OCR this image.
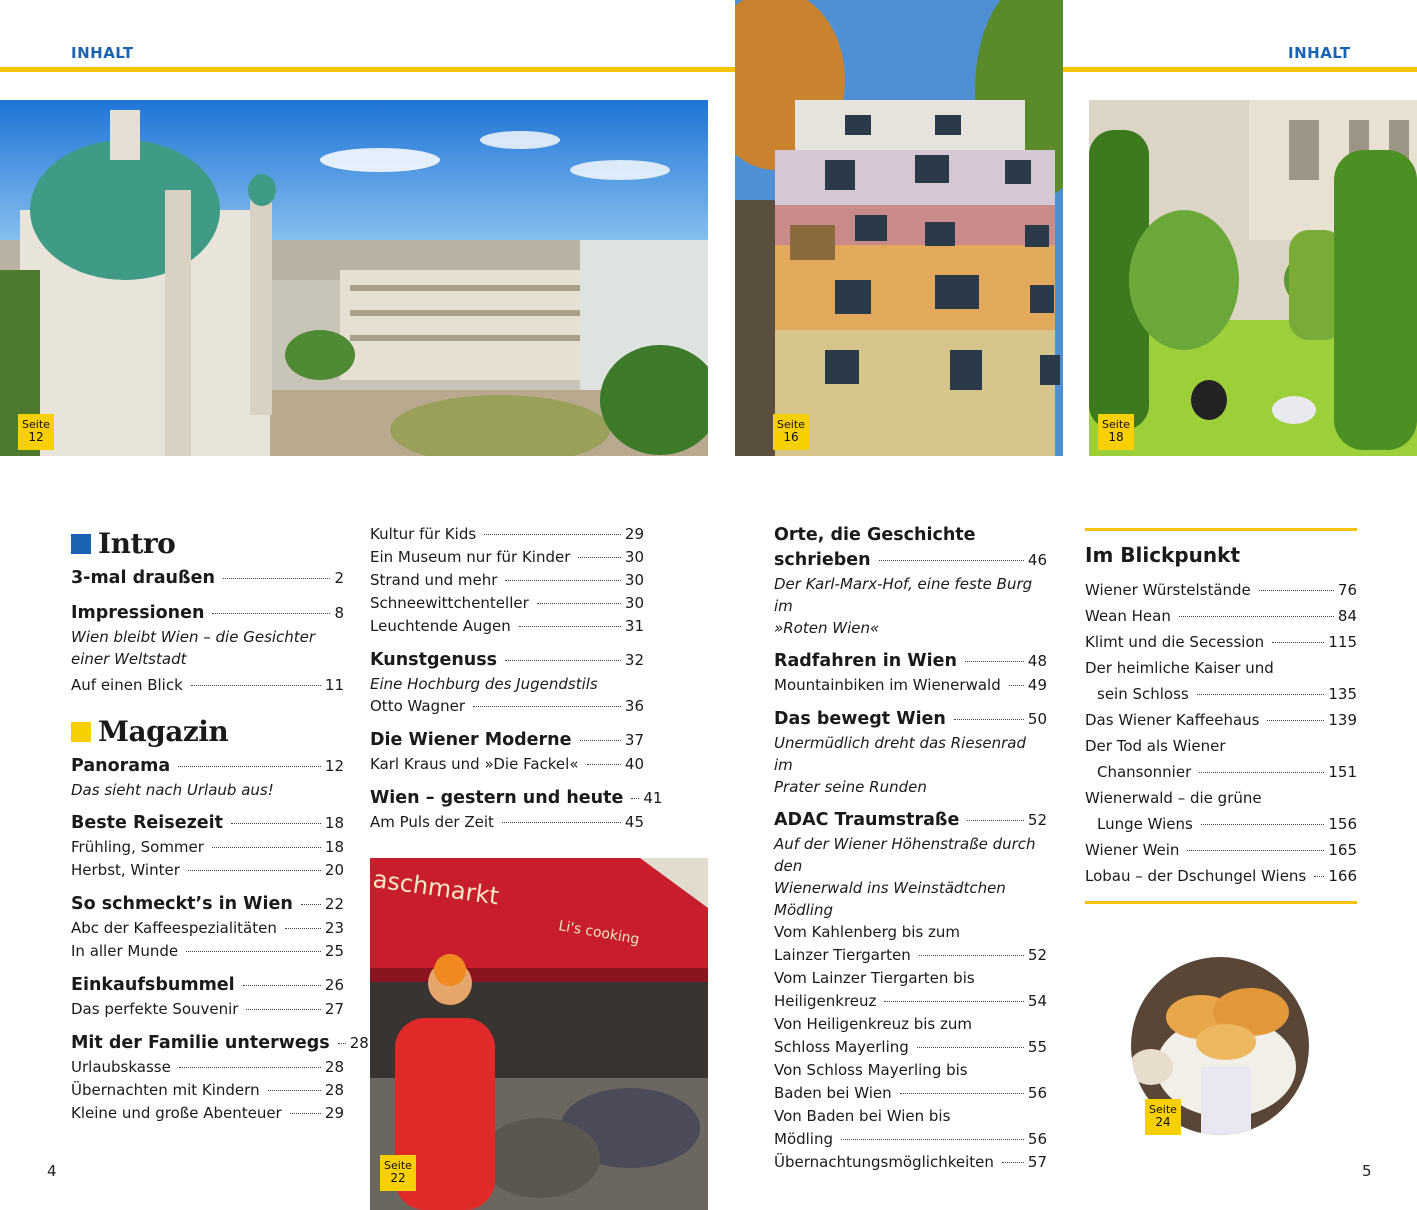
INHALT	INHALT
Seite
12
Seite
16
Seite
18
aschmarkt
Li's cooking
Seite
22
Seite
24
Intro
3-mal draußen	2
Impressionen	8
Wien bleibt Wien – die Gesichter
einer Weltstadt
Auf einen Blick	11
Magazin
Panorama	12
Das sieht nach Urlaub aus!
Beste Reisezeit	18
Frühling, Sommer	18
Herbst, Winter	20
So schmeckt’s in Wien 22
Abc der Kaffeespezialitäten	23
In aller Munde	25
Einkaufsbummel	26
Das perfekte Souvenir	27
Mit der Familie unterwegs 28
Urlaubskasse	28
Übernachten mit Kindern	28
Kleine und große Abenteuer	29
Kultur für Kids	29
Ein Museum nur für Kinder	30
Strand und mehr	30
Schneewittchenteller	30
Leuchtende Augen	31
Kunstgenuss	32
Eine Hochburg des Jugendstils
Otto Wagner	36
Die Wiener Moderne	37
Karl Kraus und »Die Fackel«	40
Wien – gestern und heute 41
Am Puls der Zeit	45
Orte, die Geschichte
schrieben	46
Der Karl-Marx-Hof, eine feste Burg im
»Roten Wien«
Radfahren in Wien	48
Mountainbiken im Wienerwald 49
Das bewegt Wien	50
Unermüdlich dreht das Riesenrad im
Prater seine Runden
ADAC Traumstraße	52
Auf der Wiener Höhenstraße durch den
Wienerwald ins Weinstädtchen Mödling
Vom Kahlenberg bis zum
Lainzer Tiergarten	52
Vom Lainzer Tiergarten bis
Heiligenkreuz	54
Von Heiligenkreuz bis zum
Schloss Mayerling	55
Von Schloss Mayerling bis
Baden bei Wien	56
Von Baden bei Wien bis
Mödling	56
Übernachtungsmöglichkeiten 57
Im Blickpunkt
Wiener Würstelstände	76
Wean Hean	84
Klimt und die Secession	115
Der heimliche Kaiser und
sein Schloss	135
Das Wiener Kaffeehaus	139
Der Tod als Wiener
Chansonnier	151
Wienerwald – die grüne
Lunge Wiens	156
Wiener Wein	165
Lobau – der Dschungel Wiens 166
4	5
